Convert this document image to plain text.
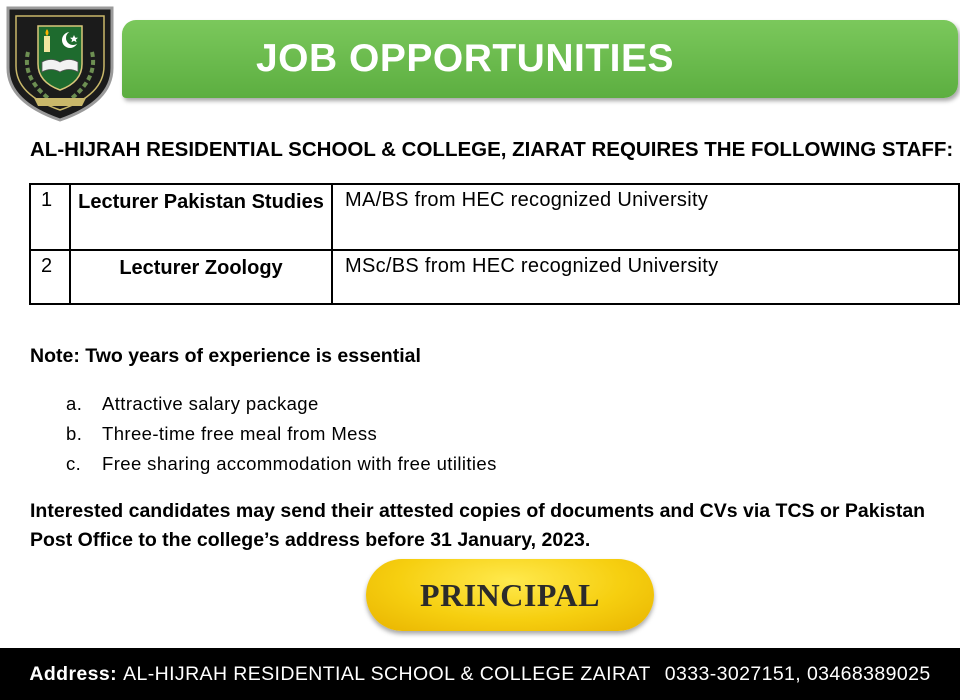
JOB OPPORTUNITIES
AL-HIJRAH RESIDENTIAL SCHOOL & COLLEGE, ZIARAT REQUIRES THE FOLLOWING STAFF:
1	Lecturer Pakistan Studies	MA/BS from HEC recognized University
2	Lecturer Zoology	MSc/BS from HEC recognized University
Note: Two years of experience is essential
a.	Attractive salary package
b.	Three-time free meal from Mess
c.	Free sharing accommodation with free utilities
Interested candidates may send their attested copies of documents and CVs via TCS or Pakistan Post Office to the college’s address before 31 January, 2023.
PRINCIPAL
Address: AL-HIJRAH RESIDENTIAL SCHOOL & COLLEGE ZAIRAT 0333-3027151, 03468389025
